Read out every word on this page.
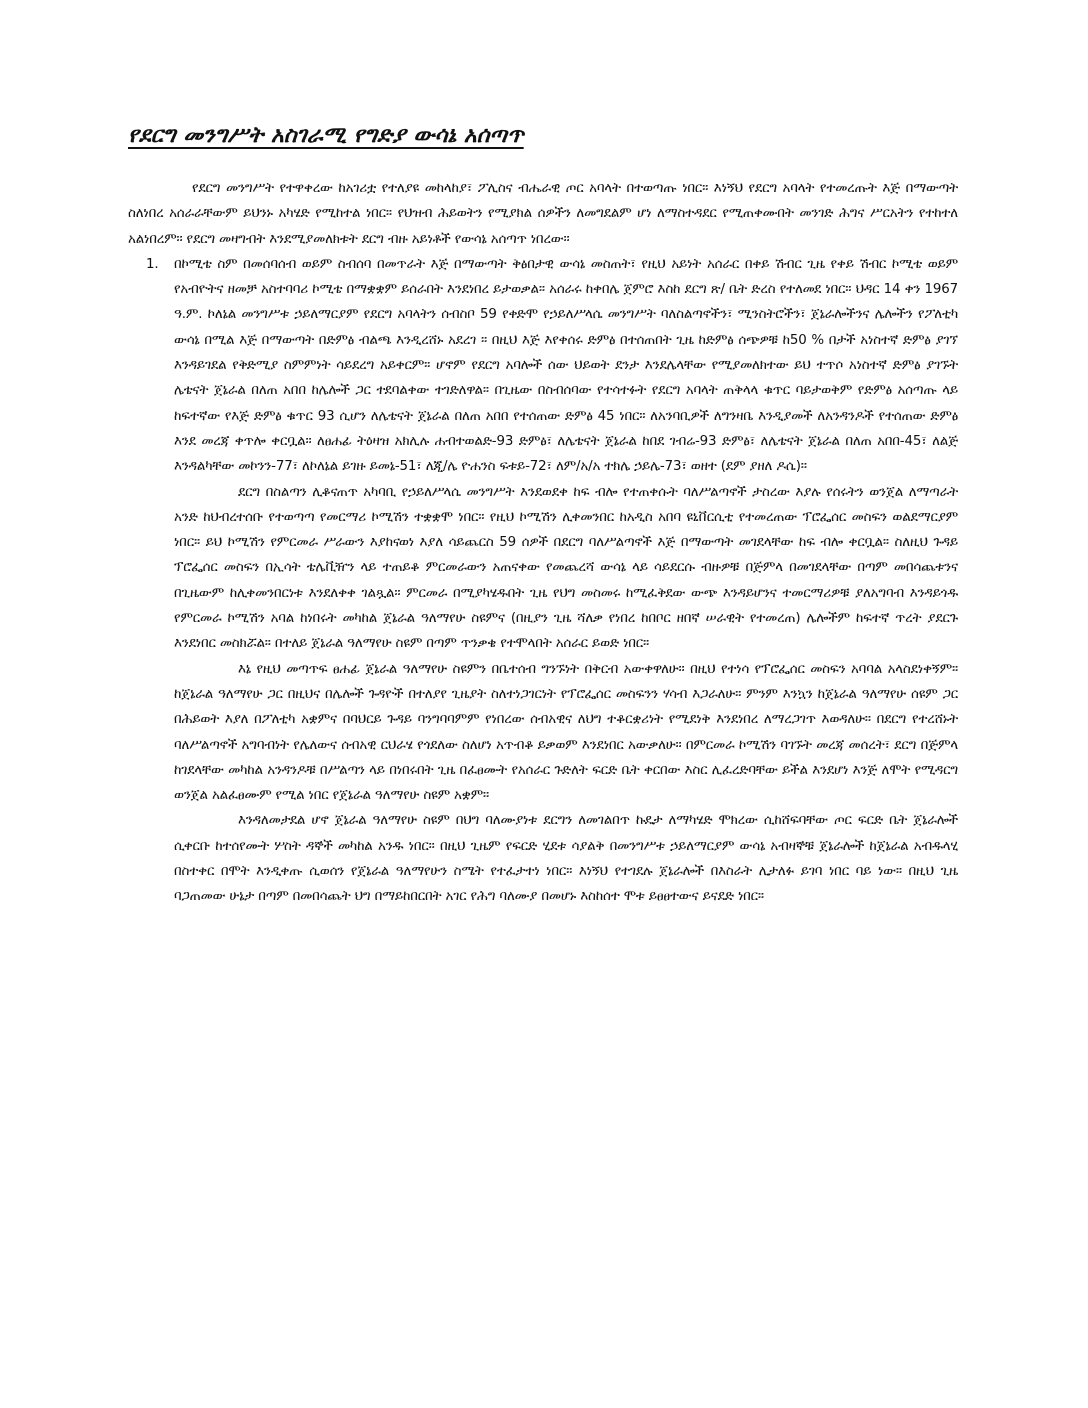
የደርግ መንግሥት አስገራሚ የግድያ ውሳኔ አሰጣጥ

የደርግ መንግሥት የተዋቀረው ከአገሪቷ የተለያዩ መከላከያ፣ ፖሊስና ብሔራዊ ጦር አባላት በተወጣጡ ነበር፡፡ እነኝህ የደርግ አባላት የተመረጡት እጅ በማውጣት ስለነበረ አሰራራቸውም ይህንኑ አካሄድ የሚከተል ነበር፡፡ የህዝብ ሕይወትን የሚያክል ሰዎችን ለመግደልም ሆነ ለማስተዳደር የሚጠቀሙበት መንገድ ሕግና ሥርአትን የተከተለ አልነበረም፡፡ የደርግ መዛግብት እንደሚያመለክቱት ደርግ ብዙ አይነቶች የውሳኔ አሰጣጥ ነበረው፡፡

1. በኮሚቴ ስም በመሰባሰብ ወይም ስብሰባ በመጥራት እጅ በማውጣት ቅፅበታዊ ውሳኔ መስጠት፣ የዚህ አይነት አሰራር በቀይ ሽብር ጊዜ የቀይ ሽብር ኮሚቴ ወይም የአብዮትና ዘመቻ አስተባባሪ ኮሚቴ በማቋቋም ይሰራበት እንደነበረ ይታወቃል፡፡ አሰራሩ ከቀበሌ ጀምሮ እስከ ደርግ ጽ/ ቤት ድረስ የተለመደ ነበር፡፡ ህዳር 14 ቀን 1967 ዓ.ም. ኮለኔል መንግሥቱ ኃይለማርያም የደርግ አባላትን ሰብስቦ 59 የቀድሞ የኃይለሥላሴ መንግሥት ባለስልጣኖችን፣ ሚንስትሮችን፣ ጀኔራሎችንና ሌሎችን የፖለቲካ ውሳኔ በሚል እጅ በማውጣት በድምፅ ብልጫ እንዲረሸኑ አደረገ ፡፡ በዚህ እጅ እየቀሰሩ ድምፅ በተሰጠበት ጊዜ ከድምፅ ሰጭዎቹ ከ50 % በታች አነስተኛ ድምፅ ያገኘ እንዳይገደል የቅድሚያ ስምምነት ሳይደረግ አይቀርም፡፡ ሆኖም የደርግ አባሎች ሰው ህይወት ደንታ እንደሌላቸው የሚያመለክተው ይህ ተጥሶ አነስተኛ ድምፅ ያገኙት ሌቴናት ጀኔራል በለጠ አበበ ከሌሎች ጋር ተደባልቀው ተገድለዋል፡፡ በጊዜው በስብሰባው የተሳተፉት የደርግ አባላት ጠቅላላ ቁጥር ባይታወቅም የድምፅ አሰጣጡ ላይ ከፍተኛው የእጅ ድምፅ ቁጥር 93 ሲሆን ለሌቴናት ጀኔራል በለጠ አበበ የተሰጠው ድምፅ 45 ነበር፡፡ ለአንባቢዎች ለግንዛቤ እንዲያመች ለአንዳንዶች የተሰጠው ድምፅ እንደ መረጃ ቀጥሎ ቀርቧል፡፡ ለፀሐፊ ትዕዛዝ አክሊሉ ሐብተወልድ-93 ድምፅ፣ ለሌቴናት ጀኔራል ከበደ ገብሬ-93 ድምፅ፣ ለሌቴናት ጀኔራል በለጠ አበበ-45፣ ለልጅ እንዳልካቸው መኮንን-77፣ ለኮለኔል ይገዙ ይመኔ-51፣ ለጂ/ሌ ዮሐንስ ፍቱይ-72፣ ለም/አ/አ ተክሌ ኃይሌ-73፣ ወዘተ (ደም ያዘለ ዶሴ)፡፡

ደርግ በስልጣን ሊቆናጠጥ አካባቢ የኃይለሥላሴ መንግሥት እንደወደቀ ከፍ ብሎ የተጠቀሱት ባለሥልጣኖች ታስረው እያሉ የሰሩትን ወንጀል ለማጣራት አንድ ከህብረተሰቡ የተወጣጣ የመርማሪ ኮሚሽን ተቋቋሞ ነበር፡፡ የዚህ ኮሚሽን ሊቀመንበር ከአዲስ አበባ ዩኒቨርሲቲ የተመረጠው ፕሮፌሰር መስፍን ወልደማርያም ነበር፡፡ ይህ ኮሚሽን የምርመራ ሥራውን እያከናወነ እያለ ሳይጨርስ 59 ሰዎች በደርግ ባለሥልጣኖች እጅ በማውጣት መገደላቸው ከፍ ብሎ ቀርቧል፡፡ ስለዚህ ጉዳይ ፕሮፌሰር መስፍን በኢሳት ቴሌቪዥን ላይ ተጠይቆ ምርመራውን አጠናቀው የመጨረሻ ውሳኔ ላይ ሳይደርሱ ብዙዎቹ በጅምላ በመገደላቸው በጣም መበሳጨቱንና በጊዜውም ከሊቀመንበርነቱ እንደለቀቀ ገልጿል፡፡ ምርመራ በሚያካሄዱበት ጊዜ የህግ መስመሩ ከሚፈቅደው ውጭ እንዳይሆንና ተመርማሪዎቹ ያለአግባብ እንዳይጎዱ የምርመራ ኮሚሽን አባል ከነበሩት መካከል ጀኔራል ዓለማየሁ ስዩምና (በዚያን ጊዜ ሻለቃ የነበረ ከበቦር ዘበኛ ሠራዊት የተመረጠ) ሌሎችም ከፍተኛ ጥረት ያደርጉ እንደነበር መስክሯል፡፡ በተለይ ጀኔራል ዓለማየሁ ስዩም በጣም ጥንቃቄ የተሞላበት አሰራር ይወድ ነበር፡፡

እኔ የዚህ መጣጥፍ ፀሐፊ ጀኔራል ዓለማየሁ ስዩምን በቤተሰብ ግንኙነት በቅርብ አውቀዋለሁ፡፡ በዚህ የተነሳ የፕሮፌሰር መስፍን አባባል አላስደነቀኝም፡፡ ከጀኔራል ዓለማየሁ ጋር በዚህና በሌሎች ጉዳዮች በተለያየ ጊዜያት ስለተነጋገርነት የፕሮፌሰር መስፍንን ሃሳብ እጋራለሁ፡፡ ምንም እንኳን ከጀኔራል ዓለማየሁ ሰዩም ጋር በሕይወት እያለ በፖለቲካ አቋምና በባህርይ ጉዳይ ባንግባባምም የነበረው ሰብአዊና ለህግ ተቆርቋሪነት የሚደነቅ እንደነበረ ለማረጋገጥ እወዳለሁ፡፡ በደርግ የተረሸኑት ባለሥልጣኖች አግባብነት የሌለውና ሰብአዊ ርህራሄ የጎደለው ስለሆነ አጥብቆ ይቃወም እንደነበር አውቃለሁ፡፡ በምርመራ ኮሚሽን ባገኙት መረጃ መሰረት፣ ደርግ በጅምላ ከገደላቸው መካከል አንዳንዶቹ በሥልጣን ላይ በነበሩበት ጊዜ በፈፀሙት የአሰራር ጉድለት ፍርድ ቤት ቀርበው እስር ሊፈረድባቸው ይችል እንደሆነ እንጅ ለሞት የሚዳርግ ወንጀል አልፈፀሙም የሚል ነበር የጀኔራል ዓለማየሁ ስዩም አቋም፡፡

እንዳለመታደል ሆኖ ጀኔራል ዓለማየሁ ስዩም በህግ ባለሙያነቱ ደርግን ለመገልበጥ ኩዴታ ለማካሄድ ሞክረው ሲከሸፍባቸው ጦር ፍርድ ቤት ጀኔራሎች ሲቀርቡ ከተሰየሙት ሦስት ዳኞች መካከል አንዱ ነበር፡፡ በዚህ ጊዜም የፍርድ ሂደቱ ሳያልቅ በመንግሥቱ ኃይለማርያም ውሳኔ አብዛኞቹ ጀኔራሎች ከጀኔራል አብዱላሂ በስተቀር በሞት እንዲቀጡ ሲወሰን የጀኔራል ዓለማየሁን ስሜት የተፈታተነ ነበር፡፡ እነኝህ የተገደሉ ጀኔራሎች በእስራት ሊታለፉ ይገባ ነበር ባይ ነው፡፡ በዚህ ጊዜ ባጋጠመው ሁኔታ በጣም በመበሳጨት ህግ በማይከበርበት አገር የሕግ ባለሙያ በመሆኑ እስከሰተ ሞቱ ይፀፀተውና ይናደድ ነበር፡፡
